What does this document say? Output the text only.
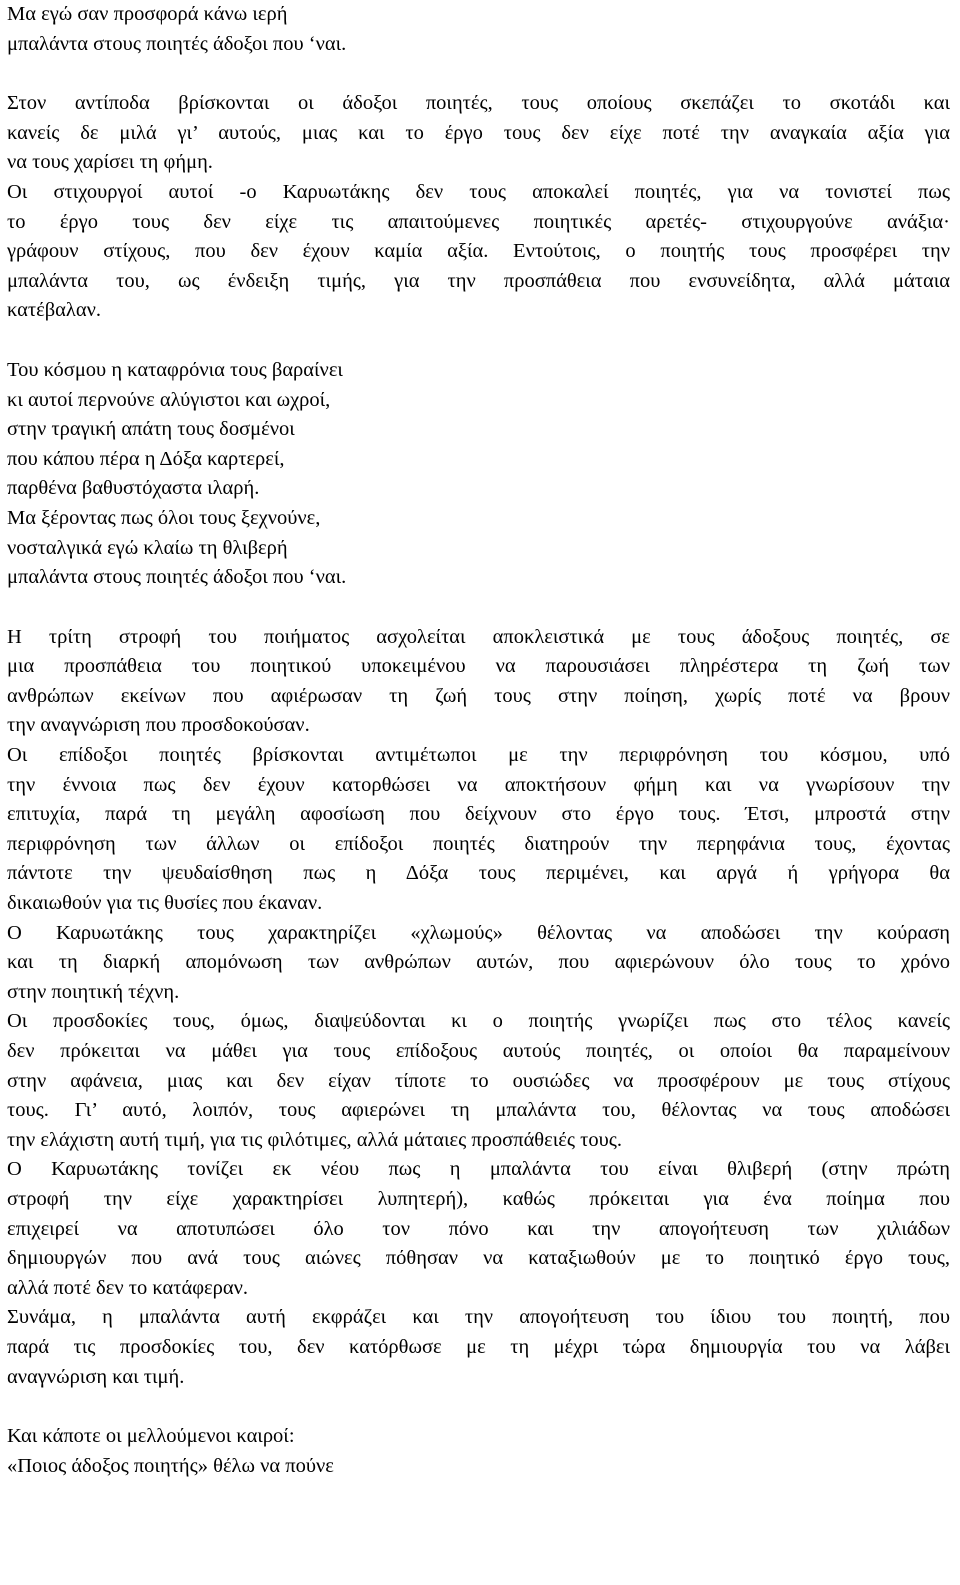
Μα εγώ σαν προσφορά κάνω ιερή
μπαλάντα στους ποιητές άδοξοι που ‘ναι.
Στον αντίποδα βρίσκονται οι άδοξοι ποιητές, τους οποίους σκεπάζει το σκοτάδι και
κανείς δε μιλά γι’ αυτούς, μιας και το έργο τους δεν είχε ποτέ την αναγκαία αξία για
να τους χαρίσει τη φήμη.
Οι στιχουργοί αυτοί -ο Καρυωτάκης δεν τους αποκαλεί ποιητές, για να τονιστεί πως
το έργο τους δεν είχε τις απαιτούμενες ποιητικές αρετές- στιχουργούνε ανάξια·
γράφουν στίχους, που δεν έχουν καμία αξία. Εντούτοις, ο ποιητής τους προσφέρει την
μπαλάντα του, ως ένδειξη τιμής, για την προσπάθεια που ενσυνείδητα, αλλά μάταια
κατέβαλαν.
Του κόσμου η καταφρόνια τους βαραίνει
κι αυτοί περνούνε αλύγιστοι και ωχροί,
στην τραγική απάτη τους δοσμένοι
που κάπου πέρα η Δόξα καρτερεί,
παρθένα βαθυστόχαστα ιλαρή.
Μα ξέροντας πως όλοι τους ξεχνούνε,
νοσταλγικά εγώ κλαίω τη θλιβερή
μπαλάντα στους ποιητές άδοξοι που ‘ναι.
Η τρίτη στροφή του ποιήματος ασχολείται αποκλειστικά με τους άδοξους ποιητές, σε
μια προσπάθεια του ποιητικού υποκειμένου να παρουσιάσει πληρέστερα τη ζωή των
ανθρώπων εκείνων που αφιέρωσαν τη ζωή τους στην ποίηση, χωρίς ποτέ να βρουν
την αναγνώριση που προσδοκούσαν.
Οι επίδοξοι ποιητές βρίσκονται αντιμέτωποι με την περιφρόνηση του κόσμου, υπό
την έννοια πως δεν έχουν κατορθώσει να αποκτήσουν φήμη και να γνωρίσουν την
επιτυχία, παρά τη μεγάλη αφοσίωση που δείχνουν στο έργο τους. Έτσι, μπροστά στην
περιφρόνηση των άλλων οι επίδοξοι ποιητές διατηρούν την περηφάνια τους, έχοντας
πάντοτε την ψευδαίσθηση πως η Δόξα τους περιμένει, και αργά ή γρήγορα θα
δικαιωθούν για τις θυσίες που έκαναν.
Ο Καρυωτάκης τους χαρακτηρίζει «χλωμούς» θέλοντας να αποδώσει την κούραση
και τη διαρκή απομόνωση των ανθρώπων αυτών, που αφιερώνουν όλο τους το χρόνο
στην ποιητική τέχνη.
Οι προσδοκίες τους, όμως, διαψεύδονται κι ο ποιητής γνωρίζει πως στο τέλος κανείς
δεν πρόκειται να μάθει για τους επίδοξους αυτούς ποιητές, οι οποίοι θα παραμείνουν
στην αφάνεια, μιας και δεν είχαν τίποτε το ουσιώδες να προσφέρουν με τους στίχους
τους. Γι’ αυτό, λοιπόν, τους αφιερώνει τη μπαλάντα του, θέλοντας να τους αποδώσει
την ελάχιστη αυτή τιμή, για τις φιλότιμες, αλλά μάταιες προσπάθειές τους.
Ο Καρυωτάκης τονίζει εκ νέου πως η μπαλάντα του είναι θλιβερή (στην πρώτη
στροφή την είχε χαρακτηρίσει λυπητερή), καθώς πρόκειται για ένα ποίημα που
επιχειρεί να αποτυπώσει όλο τον πόνο και την απογοήτευση των χιλιάδων
δημιουργών που ανά τους αιώνες πόθησαν να καταξιωθούν με το ποιητικό έργο τους,
αλλά ποτέ δεν το κατάφεραν.
Συνάμα, η μπαλάντα αυτή εκφράζει και την απογοήτευση του ίδιου του ποιητή, που
παρά τις προσδοκίες του, δεν κατόρθωσε με τη μέχρι τώρα δημιουργία του να λάβει
αναγνώριση και τιμή.
Και κάποτε οι μελλούμενοι καιροί:
«Ποιος άδοξος ποιητής» θέλω να πούνε
